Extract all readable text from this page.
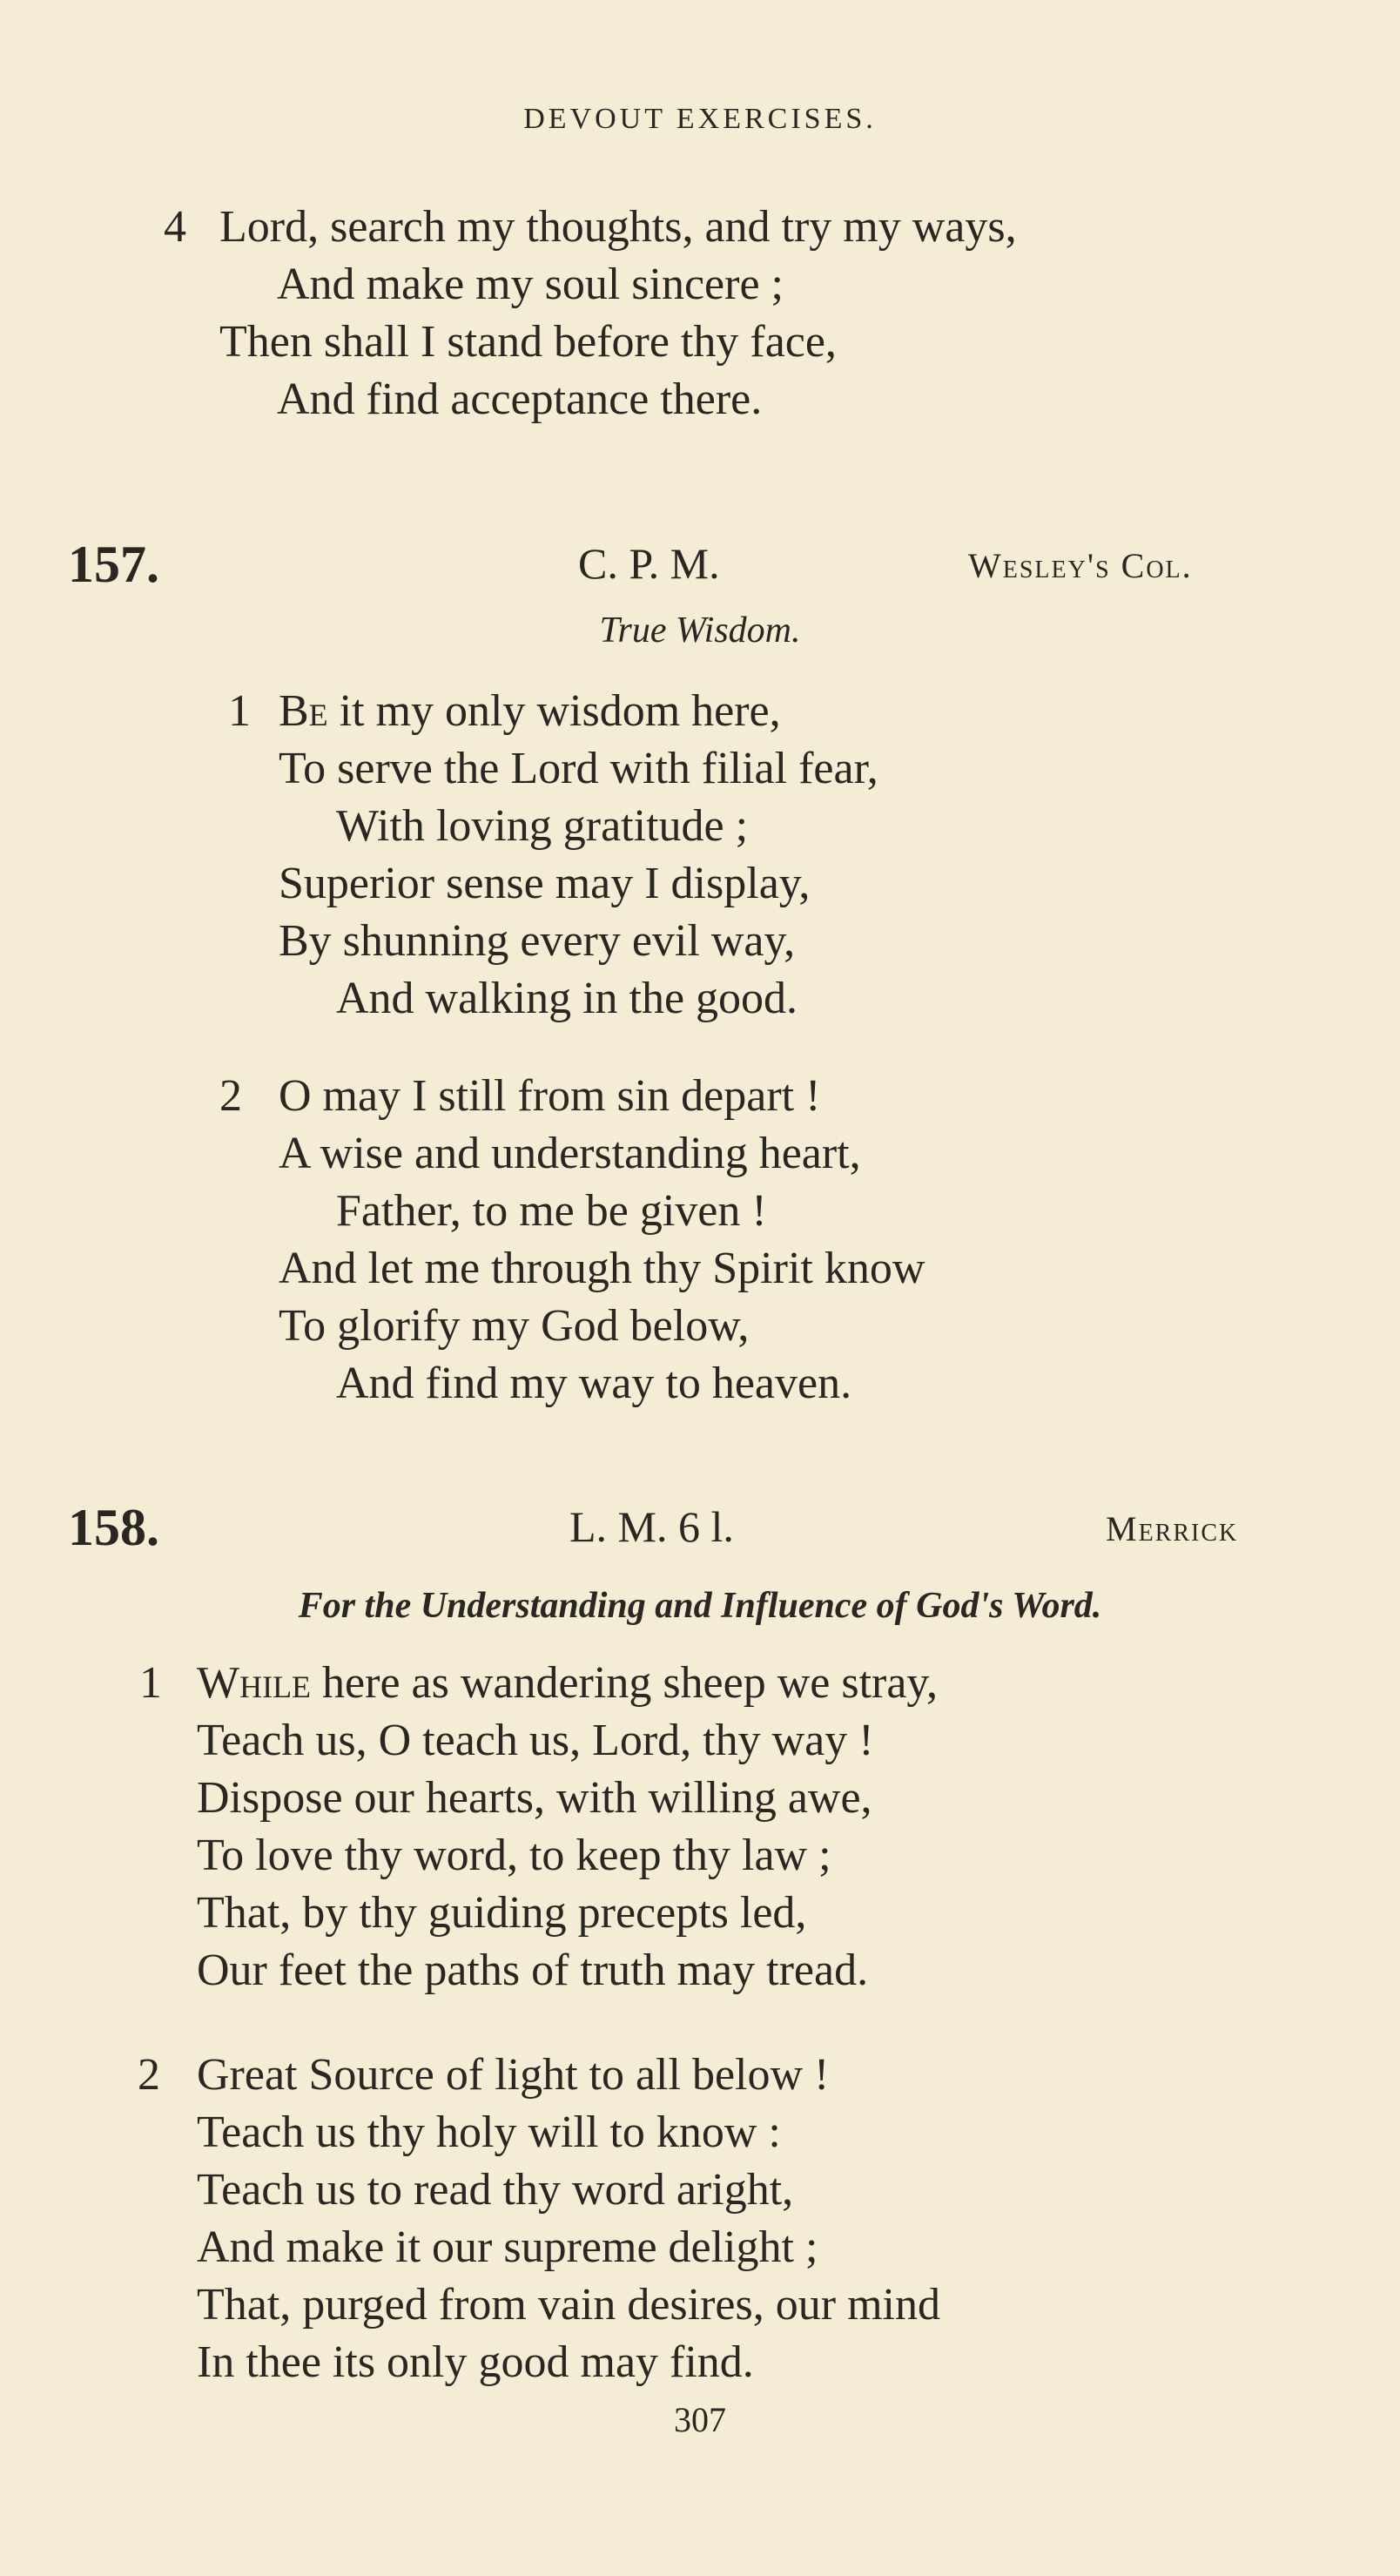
DEVOUT EXERCISES.
4 Lord, search my thoughts, and try my ways,
And make my soul sincere ;
Then shall I stand before thy face,
And find acceptance there.
157.	C. P. M.	Wesley's Col.
True Wisdom.
1 Be it my only wisdom here,
To serve the Lord with filial fear,
With loving gratitude ;
Superior sense may I display,
By shunning every evil way,
And walking in the good.
2 O may I still from sin depart !
A wise and understanding heart,
Father, to me be given !
And let me through thy Spirit know
To glorify my God below,
And find my way to heaven.
158.	L. M. 6 l.	Merrick
For the Understanding and Influence of God's Word.
1 While here as wandering sheep we stray,
Teach us, O teach us, Lord, thy way !
Dispose our hearts, with willing awe,
To love thy word, to keep thy law ;
That, by thy guiding precepts led,
Our feet the paths of truth may tread.
2 Great Source of light to all below !
Teach us thy holy will to know :
Teach us to read thy word aright,
And make it our supreme delight ;
That, purged from vain desires, our mind
In thee its only good may find.
307
